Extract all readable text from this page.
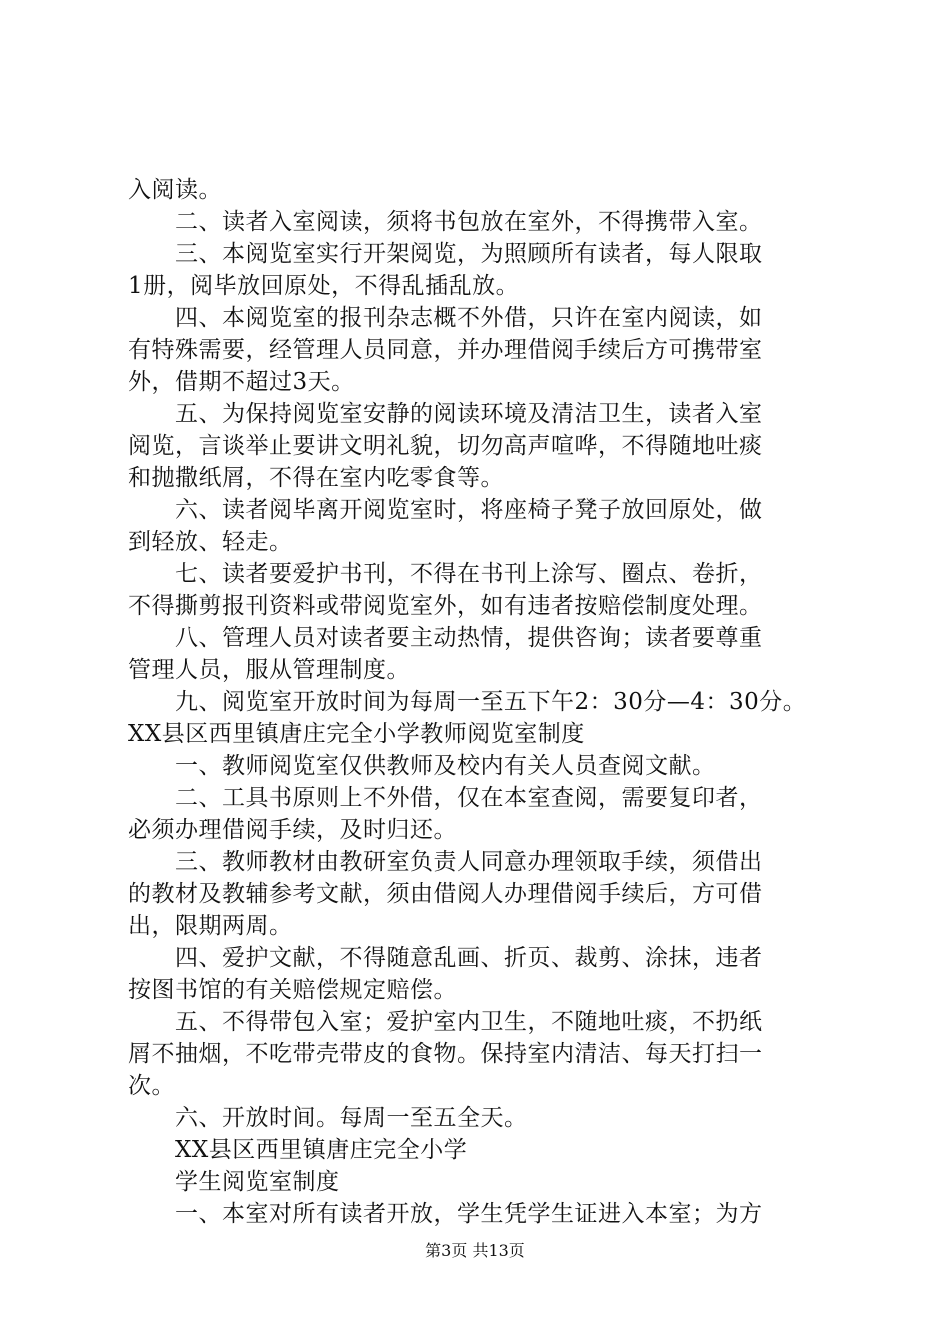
入阅读。
　　二、读者入室阅读，须将书包放在室外，不得携带入室。
　　三、本阅览室实行开架阅览，为照顾所有读者，每人限取
1册，阅毕放回原处，不得乱插乱放。
　　四、本阅览室的报刊杂志概不外借，只许在室内阅读，如
有特殊需要，经管理人员同意，并办理借阅手续后方可携带室
外，借期不超过3天。
　　五、为保持阅览室安静的阅读环境及清洁卫生，读者入室
阅览，言谈举止要讲文明礼貌，切勿高声喧哗，不得随地吐痰
和抛撒纸屑，不得在室内吃零食等。
　　六、读者阅毕离开阅览室时，将座椅子凳子放回原处，做
到轻放、轻走。
　　七、读者要爱护书刊，不得在书刊上涂写、圈点、卷折，
不得撕剪报刊资料或带阅览室外，如有违者按赔偿制度处理。
　　八、管理人员对读者要主动热情，提供咨询；读者要尊重
管理人员，服从管理制度。
　　九、阅览室开放时间为每周一至五下午2：30分—4：30分。
XX县区西里镇唐庄完全小学教师阅览室制度
　　一、教师阅览室仅供教师及校内有关人员查阅文献。
　　二、工具书原则上不外借，仅在本室查阅，需要复印者，
必须办理借阅手续，及时归还。
　　三、教师教材由教研室负责人同意办理领取手续，须借出
的教材及教辅参考文献，须由借阅人办理借阅手续后，方可借
出，限期两周。
　　四、爱护文献，不得随意乱画、折页、裁剪、涂抹，违者
按图书馆的有关赔偿规定赔偿。
　　五、不得带包入室；爱护室内卫生，不随地吐痰，不扔纸
屑不抽烟，不吃带壳带皮的食物。保持室内清洁、每天打扫一
次。
　　六、开放时间。每周一至五全天。
　　XX县区西里镇唐庄完全小学
　　学生阅览室制度
　　一、本室对所有读者开放，学生凭学生证进入本室；为方
第3页 共13页
